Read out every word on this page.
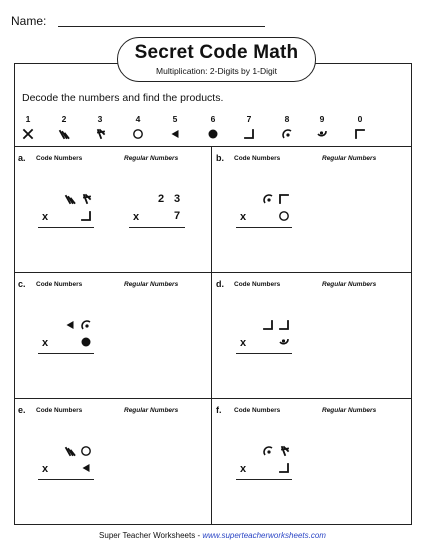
Name:
Secret Code Math
Multiplication: 2-Digits by 1-Digit
Decode the numbers and find the products.
1	2	3	4	5	6	7	8	9	0
a. Code Numbers	Regular Numbers
x
2 3
7
x
b. Code Numbers	Regular Numbers
x
c. Code Numbers	Regular Numbers
x
d. Code Numbers	Regular Numbers
x
e. Code Numbers	Regular Numbers
x
f. Code Numbers	Regular Numbers
x
Super Teacher Worksheets - www.superteacherworksheets.com
